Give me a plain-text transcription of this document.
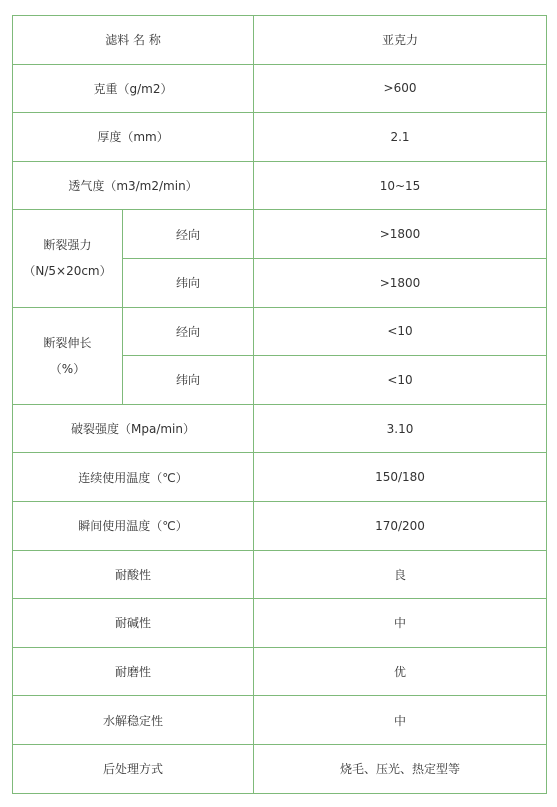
滤料 名 称		亚克力
克重（g/m2）		>600
厚度（mm）		2.1
透气度（m3/m2/min）		10~15

断裂强力
（N/5×20cm）	经向	>1800
	纬向	>1800

断裂伸长
（%）	经向	<10
	纬向	<10
破裂强度（Mpa/min）		3.10
连续使用温度（℃）		150/180
瞬间使用温度（℃）		170/200
耐酸性		良
耐碱性		中
耐磨性		优
水解稳定性		中
后处理方式		烧毛、压光、热定型等
